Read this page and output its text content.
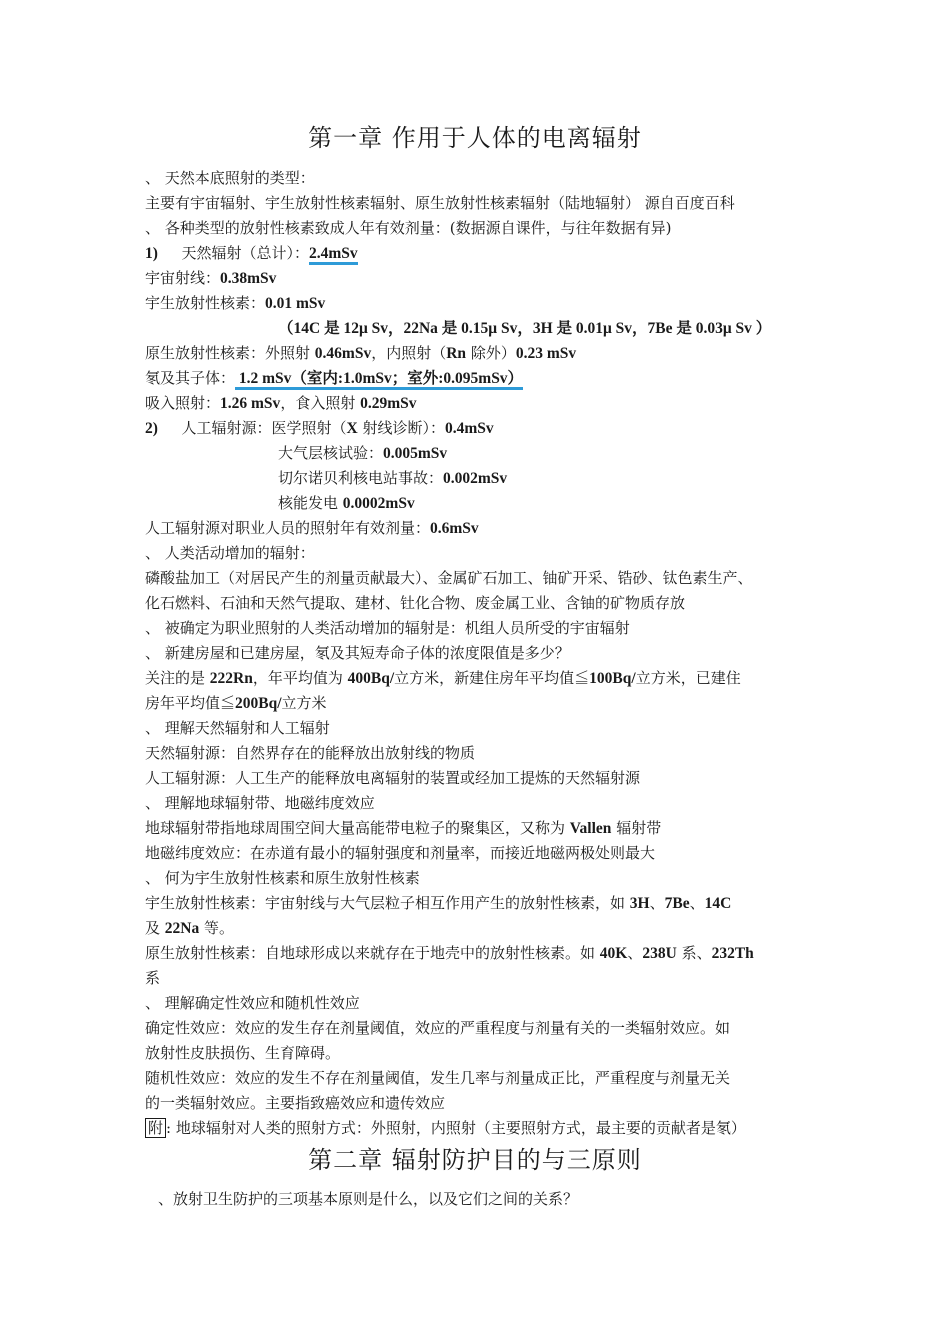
第一章 作用于人体的电离辐射
、 天然本底照射的类型：
主要有宇宙辐射、宇生放射性核素辐射、原生放射性核素辐射（陆地辐射） 源自百度百科
、 各种类型的放射性核素致成人年有效剂量：(数据源自课件，与往年数据有异)
1) 天然辐射（总计）：2.4mSv
宇宙射线：0.38mSv
宇生放射性核素：0.01 mSv
（14C 是 12μ Sv，22Na 是 0.15μ Sv，3H 是 0.01μ Sv，7Be 是 0.03μ Sv ）
原生放射性核素：外照射 0.46mSv，内照射（Rn 除外）0.23 mSv
氡及其子体： 1.2 mSv（室内:1.0mSv；室外:0.095mSv）
吸入照射：1.26 mSv，食入照射 0.29mSv
2) 人工辐射源：医学照射（X 射线诊断）：0.4mSv
大气层核试验：0.005mSv
切尔诺贝利核电站事故：0.002mSv
核能发电 0.0002mSv
人工辐射源对职业人员的照射年有效剂量：0.6mSv
、 人类活动增加的辐射：
磷酸盐加工（对居民产生的剂量贡献最大）、金属矿石加工、铀矿开采、锆砂、钛色素生产、
化石燃料、石油和天然气提取、建材、钍化合物、废金属工业、含铀的矿物质存放
、 被确定为职业照射的人类活动增加的辐射是：机组人员所受的宇宙辐射
、 新建房屋和已建房屋，氡及其短寿命子体的浓度限值是多少？
关注的是 222Rn，年平均值为 400Bq/立方米，新建住房年平均值≦100Bq/立方米，已建住
房年平均值≦200Bq/立方米
、 理解天然辐射和人工辐射
天然辐射源：自然界存在的能释放出放射线的物质
人工辐射源：人工生产的能释放电离辐射的装置或经加工提炼的天然辐射源
、 理解地球辐射带、地磁纬度效应
地球辐射带指地球周围空间大量高能带电粒子的聚集区，又称为 Vallen 辐射带
地磁纬度效应：在赤道有最小的辐射强度和剂量率，而接近地磁两极处则最大
、 何为宇生放射性核素和原生放射性核素
宇生放射性核素：宇宙射线与大气层粒子相互作用产生的放射性核素，如 3H、7Be、14C
及 22Na 等。
原生放射性核素：自地球形成以来就存在于地壳中的放射性核素。如 40K、238U 系、232Th
系
、 理解确定性效应和随机性效应
确定性效应：效应的发生存在剂量阈值，效应的严重程度与剂量有关的一类辐射效应。如
放射性皮肤损伤、生育障碍。
随机性效应：效应的发生不存在剂量阈值，发生几率与剂量成正比，严重程度与剂量无关
的一类辐射效应。主要指致癌效应和遗传效应
附 : 地球辐射对人类的照射方式：外照射，内照射（主要照射方式，最主要的贡献者是氡）
第二章 辐射防护目的与三原则
、放射卫生防护的三项基本原则是什么，以及它们之间的关系？
